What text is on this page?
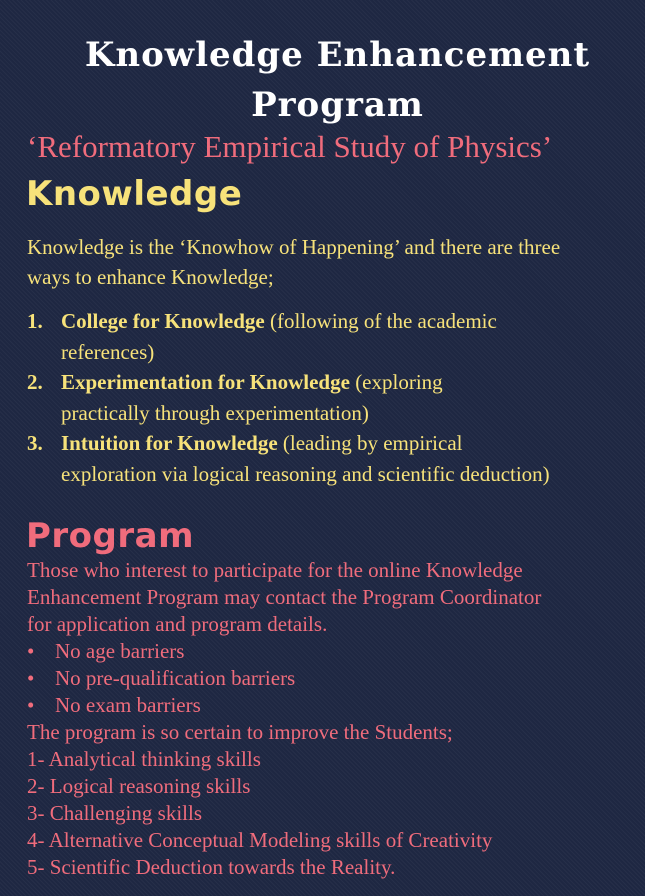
Knowledge Enhancement
Program

‘Reformatory Empirical Study of Physics’

Knowledge

Knowledge is the ‘Knowhow of Happening’ and there are three
ways to enhance Knowledge;

1. College for Knowledge (following of the academic
references)
2. Experimentation for Knowledge (exploring
practically through experimentation)
3. Intuition for Knowledge (leading by empirical
exploration via logical reasoning and scientific deduction)
Program
Those who interest to participate for the online Knowledge
Enhancement Program may contact the Program Coordinator
for application and program details.
• No age barriers
• No pre-qualification barriers
• No exam barriers
The program is so certain to improve the Students;
1- Analytical thinking skills
2- Logical reasoning skills
3- Challenging skills
4- Alternative Conceptual Modeling skills of Creativity
5- Scientific Deduction towards the Reality.
